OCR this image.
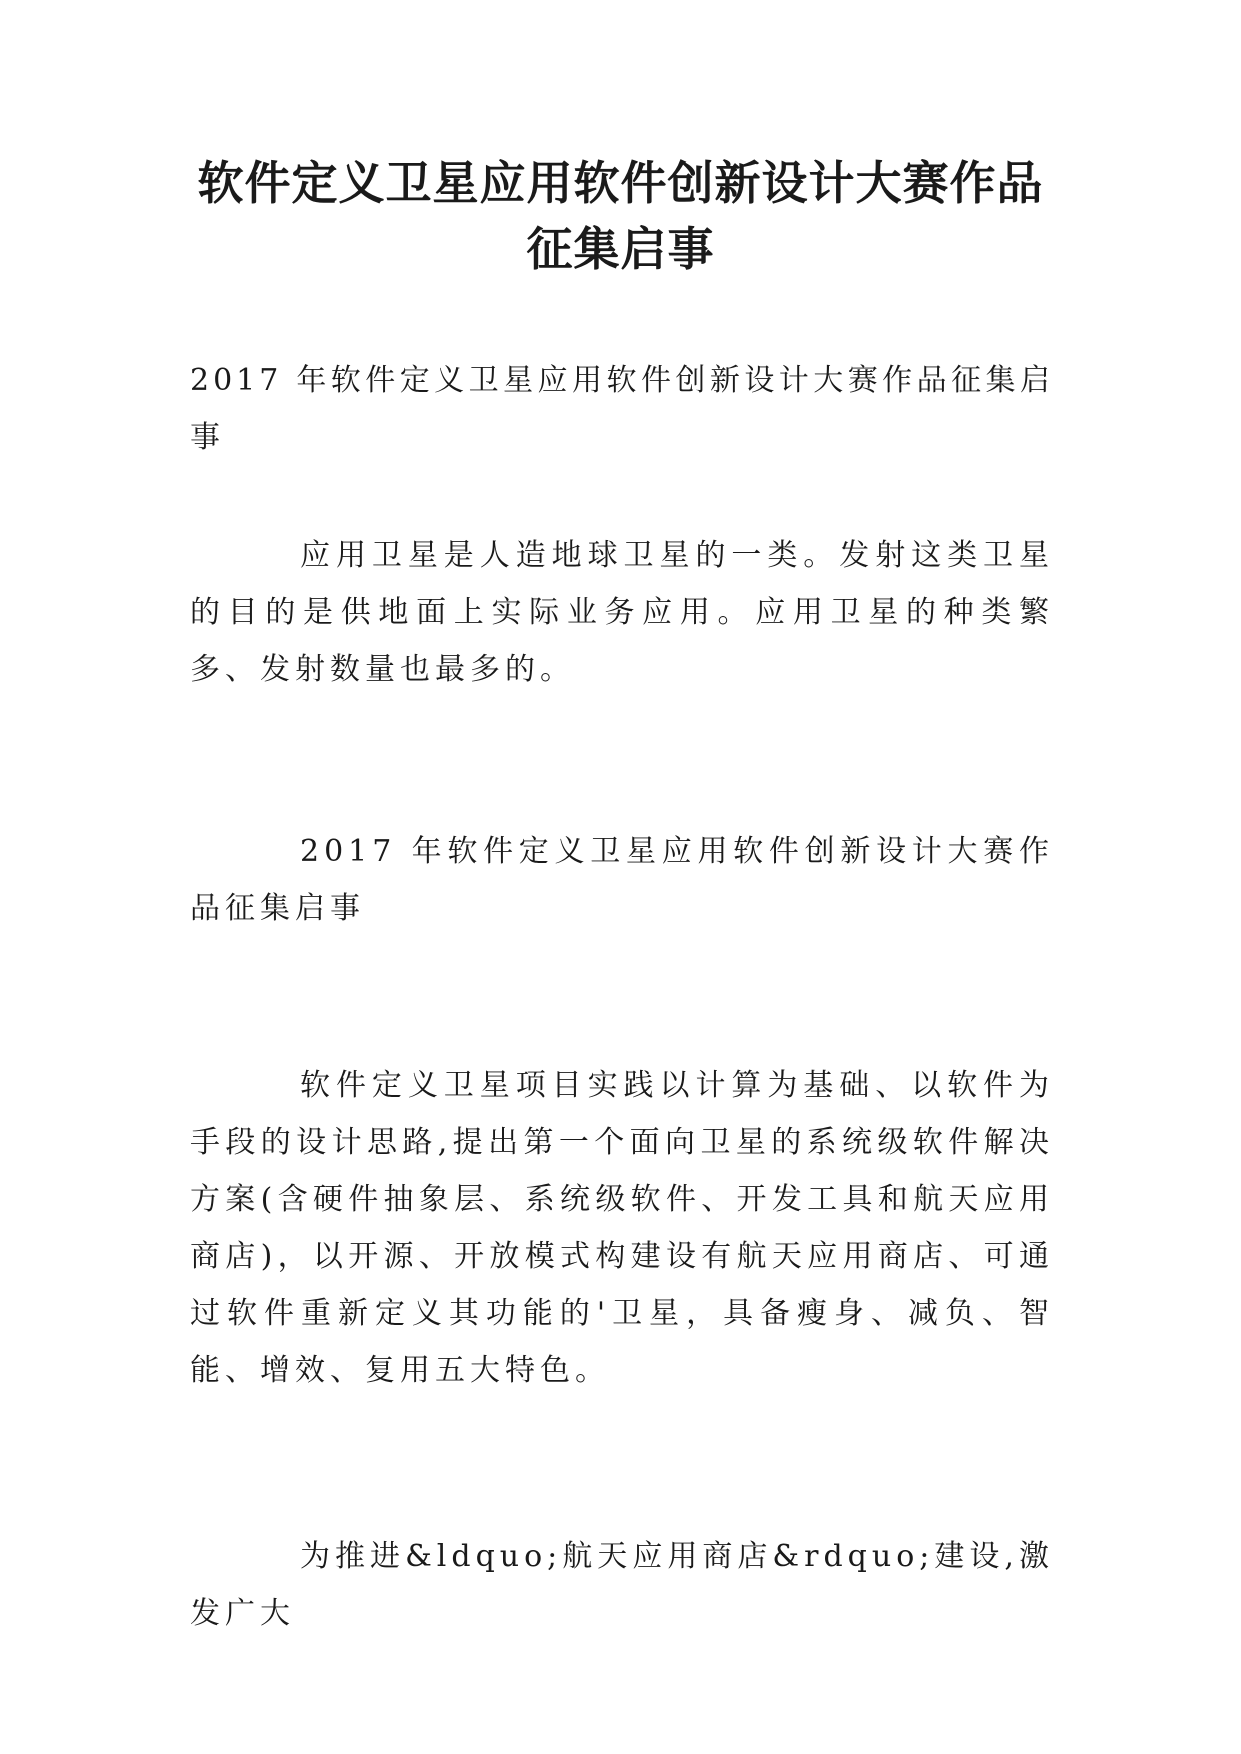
软件定义卫星应用软件创新设计大赛作品
征集启事

2017 年软件定义卫星应用软件创新设计大赛作品征集启事

应用卫星是人造地球卫星的一类。发射这类卫星的目的是供地面上实际业务应用。应用卫星的种类繁多、发射数量也最多的。

2017 年软件定义卫星应用软件创新设计大赛作品征集启事

软件定义卫星项目实践以计算为基础、以软件为手段的设计思路,提出第一个面向卫星的系统级软件解决方案(含硬件抽象层、系统级软件、开发工具和航天应用商店)，以开源、开放模式构建设有航天应用商店、可通过软件重新定义其功能的'卫星，具备瘦身、减负、智能、增效、复用五大特色。

为推进&ldquo;航天应用商店&rdquo;建设,激发广大
